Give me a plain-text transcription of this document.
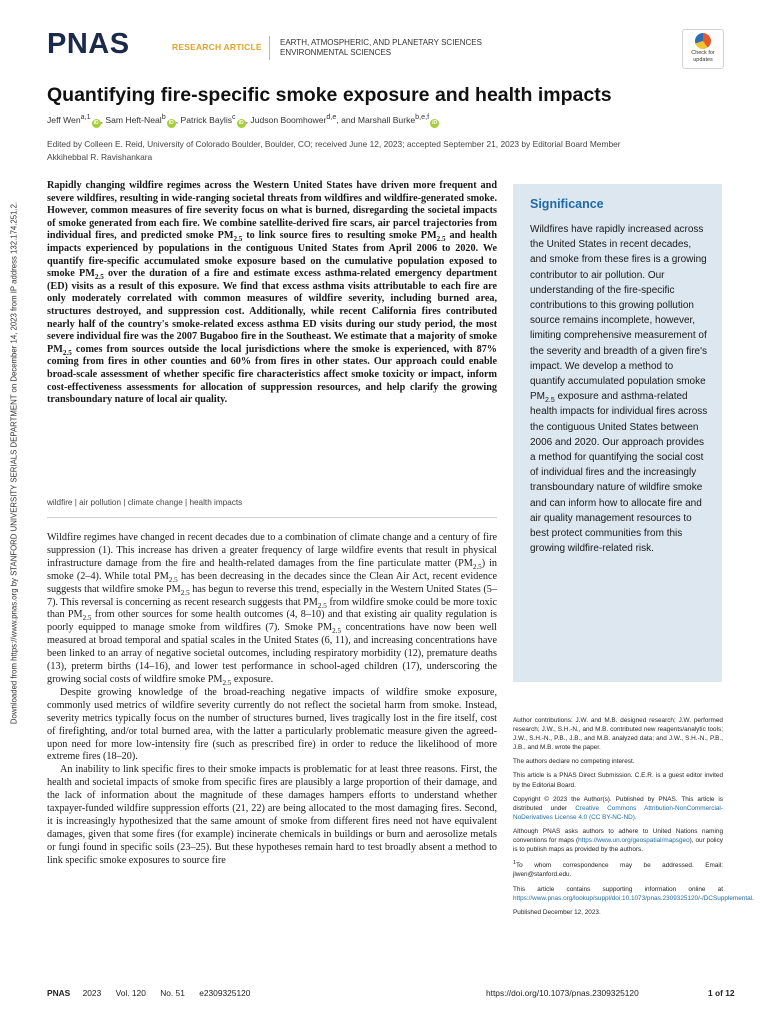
PNAS	RESEARCH ARTICLE EARTH, ATMOSPHERIC, AND PLANETARY SCIENCES
ENVIRONMENTAL SCIENCES	Check for updates
Quantifying fire-specific smoke exposure and health impacts
Jeff Wen$^{a,1}$iD , Sam Heft-Neal$^b$iD , Patrick Baylis$^c$iD , Judson Boomhower$^{d,e}$, and Marshall Burke$^{b,e,f}$iD
Edited by Colleen E. Reid, University of Colorado Boulder, Boulder, CO; received June 12, 2023; accepted September 21, 2023 by Editorial Board Member
Akkihebbal R. Ravishankara
Rapidly changing wildfire regimes across the Western United States have driven more frequent and severe wildfires, resulting in wide-ranging societal threats from wildfires and wildfire-generated smoke. However, common measures of fire severity focus on what is burned, disregarding the societal impacts of smoke generated from each fire. We combine satellite-derived fire scars, air parcel trajectories from individual fires, and predicted smoke $PM_{2.5}$ to link source fires to resulting smoke $PM_{2.5}$ and health impacts experienced by populations in the contiguous United States from April 2006 to 2020. We quantify fire-specific accumulated smoke exposure based on the cumulative population exposed to smoke $PM_{2.5}$ over the duration of a fire and estimate excess asthma-related emergency department (ED) visits as a result of this exposure. We find that excess asthma visits attributable to each fire are only moderately correlated with common measures of wildfire severity, including burned area, structures destroyed, and suppression cost. Additionally, while recent California fires contributed nearly half of the country's smoke-related excess asthma ED visits during our study period, the most severe individual fire was the 2007 Bugaboo fire in the Southeast. We estimate that a majority of smoke $PM_{2.5}$ comes from sources outside the local jurisdictions where the smoke is experienced, with 87% coming from fires in other counties and 60% from fires in other states. Our approach could enable broad-scale assessment of whether specific fire characteristics affect smoke toxicity or impact, inform cost-effectiveness assessments for allocation of suppression resources, and help clarify the growing transboundary nature of local air quality.
wildfire | air pollution | climate change | health impacts

Wildfire regimes have changed in recent decades due to a combination of climate change and a century of fire suppression (1). This increase has driven a greater frequency of large wildfire events that result in physical infrastructure damage from the fire and health-related damages from the fine particulate matter $(PM_{2.5})$ in smoke (2–4). While total $PM_{2.5}$ has been decreasing in the decades since the Clean Air Act, recent evidence suggests that wildfire smoke $PM_{2.5}$ has begun to reverse this trend, especially in the Western United States (5–7). This reversal is concerning as recent research suggests that $PM_{2.5}$ from wildfire smoke could be more toxic than $PM_{2.5}$ from other sources for some health outcomes (4, 8–10) and that existing air quality regulation is poorly equipped to manage smoke from wildfires (7). Smoke $PM_{2.5}$ concentrations have now been well measured at broad temporal and spatial scales in the United States (6, 11), and increasing concentrations have been linked to an array of negative societal outcomes, including respiratory morbidity (12), premature deaths (13), preterm births (14–16), and lower test performance in school-aged children (17), underscoring the growing social costs of wildfire smoke $PM_{2.5}$ exposure.

Despite growing knowledge of the broad-reaching negative impacts of wildfire smoke exposure, commonly used metrics of wildfire severity currently do not reflect the societal harm from smoke. Instead, severity metrics typically focus on the number of structures burned, lives tragically lost in the fire itself, cost of firefighting, and/or total burned area, with the latter a particularly problematic measure given the agreed-upon need for more low-intensity fire (such as prescribed fire) in order to reduce the likelihood of more extreme fires (18–20).

An inability to link specific fires to their smoke impacts is problematic for at least three reasons. First, the health and societal impacts of smoke from specific fires are plausibly a large proportion of their damage, and the lack of information about the magnitude of these damages hampers efforts to understand whether taxpayer-funded wildfire suppression efforts (21, 22) are being allocated to the most damaging fires. Second, it is increasingly hypothesized that the same amount of smoke from different fires need not have equivalent damages, given that some fires (for example) incinerate chemicals in buildings or burn and aerosolize metals or fungi found in specific soils (23–25). But these hypotheses remain hard to test broadly absent a method to link specific smoke exposures to source fire

Significance
Wildfires have rapidly increased across the United States in recent decades, and smoke from these fires is a growing contributor to air pollution. Our understanding of the fire-specific contributions to this growing pollution source remains incomplete, however, limiting comprehensive measurement of the severity and breadth of a given fire's impact. We develop a method to quantify accumulated population smoke $PM_{2.5}$ exposure and asthma-related health impacts for individual fires across the contiguous United States between 2006 and 2020. Our approach provides a method for quantifying the social cost of individual fires and the increasingly transboundary nature of wildfire smoke and can inform how to allocate fire and air quality management resources to best protect communities from this growing wildfire-related risk.

Author contributions: J.W. and M.B. designed research; J.W. performed research; J.W., S.H.-N., and M.B. contributed new reagents/analytic tools; J.W., S.H.-N., P.B., J.B., and M.B. analyzed data; and J.W., S.H.-N., P.B., J.B., and M.B. wrote the paper.

The authors declare no competing interest.

This article is a PNAS Direct Submission. C.E.R. is a guest editor invited by the Editorial Board.

Copyright © 2023 the Author(s). Published by PNAS. This article is distributed under Creative Commons Attribution-NonCommercial-NoDerivatives License 4.0 (CC BY-NC-ND).

Although PNAS asks authors to adhere to United Nations naming conventions for maps (https://www.un.org/geospatial/mapsgeo), our policy is to publish maps as provided by the authors.

$^1$To whom correspondence may be addressed. Email: jlwen@stanford.edu.

This article contains supporting information online at https://www.pnas.org/lookup/suppl/doi:10.1073/pnas.2309325120/-/DCSupplemental.

Published December 12, 2023.

Downloaded from https://www.pnas.org by STANFORD UNIVERSITY SERIALS DEPARTMENT on December 14, 2023 from IP address 132.174.251.2.
PNAS 2023 Vol. 120 No. 51 e2309325120	https://doi.org/10.1073/pnas.2309325120	1 of 12
